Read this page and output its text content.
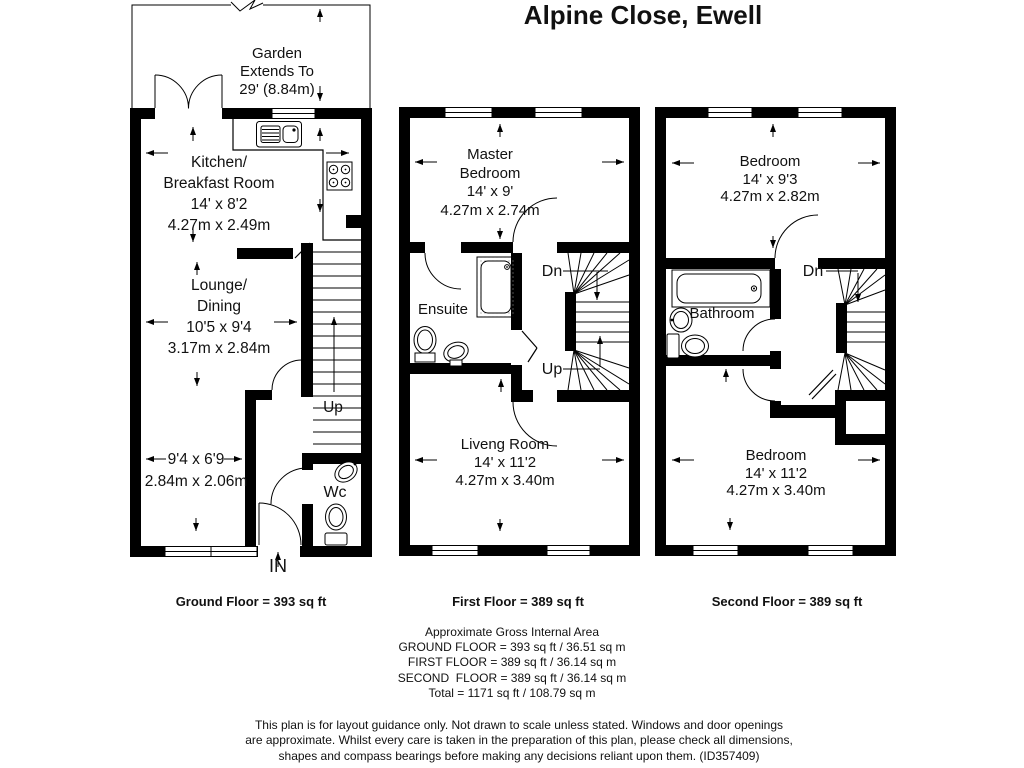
Alpine Close, Ewell
Garden
Extends To
29' (8.84m)
Kitchen/
Breakfast Room
14' x 8'2
4.27m x 2.49m
Lounge/
Dining
10'5 x 9'4
3.17m x 2.84m
9'4 x 6'9
2.84m x 2.06m
Up
Wc
IN
Ground Floor = 393 sq ft
Master
Bedroom
14' x 9'
4.27m x 2.74m
Ensuite
Dn
Up
Liveng Room
14' x 11'2
4.27m x 3.40m
First Floor = 389 sq ft
Bedroom
14' x 9'3
4.27m x 2.82m
Bathroom
Dn
Bedroom
14' x 11'2
4.27m x 3.40m
Second Floor = 389 sq ft
Approximate Gross Internal Area
GROUND FLOOR = 393 sq ft / 36.51 sq m
FIRST FLOOR = 389 sq ft / 36.14 sq m
SECOND  FLOOR = 389 sq ft / 36.14 sq m
Total = 1171 sq ft / 108.79 sq m
This plan is for layout guidance only. Not drawn to scale unless stated. Windows and door openings
are approximate. Whilst every care is taken in the preparation of this plan, please check all dimensions,
shapes and compass bearings before making any decisions reliant upon them. (ID357409)
